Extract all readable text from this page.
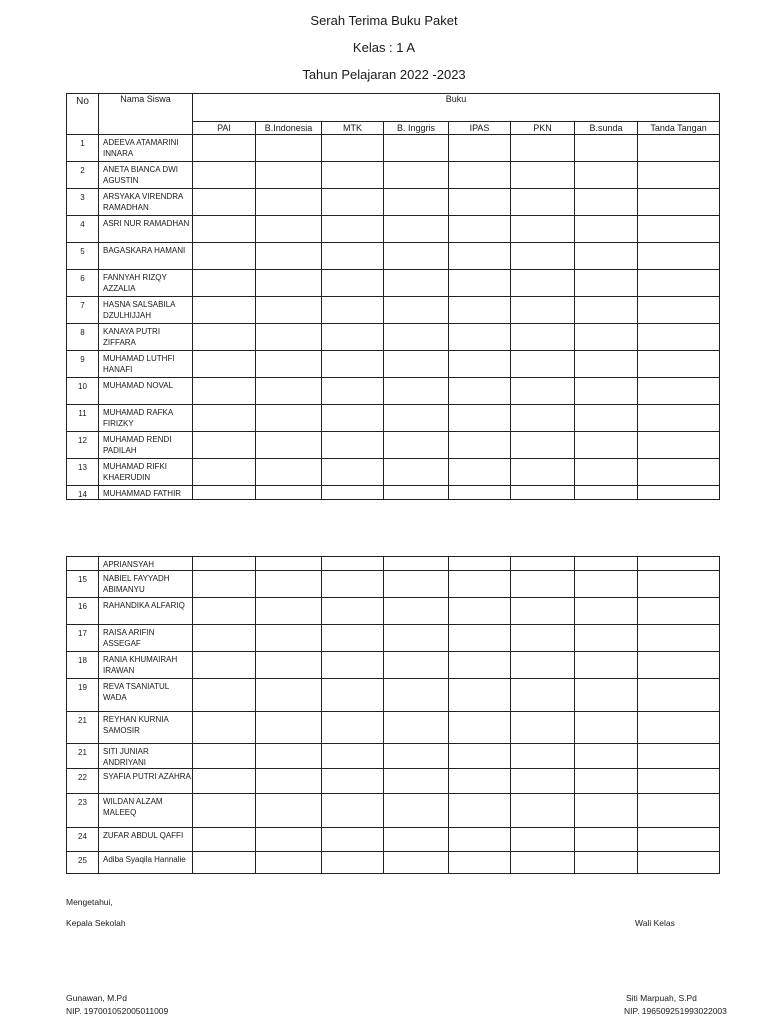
Serah Terima Buku Paket
Kelas : 1 A
Tahun Pelajaran 2022 -2023
No	Nama Siswa	Buku							
		PAI	B.Indonesia	MTK	B. Inggris	IPAS	PKN	B.sunda	Tanda Tangan
1	ADEEVA ATAMARINI INNARA								
2	ANETA BIANCA DWI AGUSTIN								
3	ARSYAKA VIRENDRA RAMADHAN								
4	ASRI NUR RAMADHAN								
5	BAGASKARA HAMANI								
6	FANNYAH RIZQY AZZALIA								
7	HASNA SALSABILA DZULHIJJAH								
8	KANAYA PUTRI ZIFFARA								
9	MUHAMAD LUTHFI HANAFI								
10	MUHAMAD NOVAL								
11	MUHAMAD RAFKA FIRIZKY								
12	MUHAMAD RENDI PADILAH								
13	MUHAMAD RIFKI KHAERUDIN								
14	MUHAMMAD FATHIR								
	APRIANSYAH								
15	NABIEL FAYYADH ABIMANYU								
16	RAHANDIKA ALFARIQ								
17	RAISA ARIFIN ASSEGAF								
18	RANIA KHUMAIRAH IRAWAN								
19	REVA TSANIATUL WADA								
21	REYHAN KURNIA SAMOSIR								
21	SITI JUNIAR ANDRIYANI								
22	SYAFIA PUTRI AZAHRA								
23	WILDAN ALZAM MALEEQ								
24	ZUFAR ABDUL QAFFI								
25	Adiba Syaqila Hannalie								
Mengetahui,
Kepala Sekolah	Wali Kelas
Gunawan, M.Pd
NIP. 197001052005011009
Siti Marpuah, S.Pd
NIP. 196509251993022003
